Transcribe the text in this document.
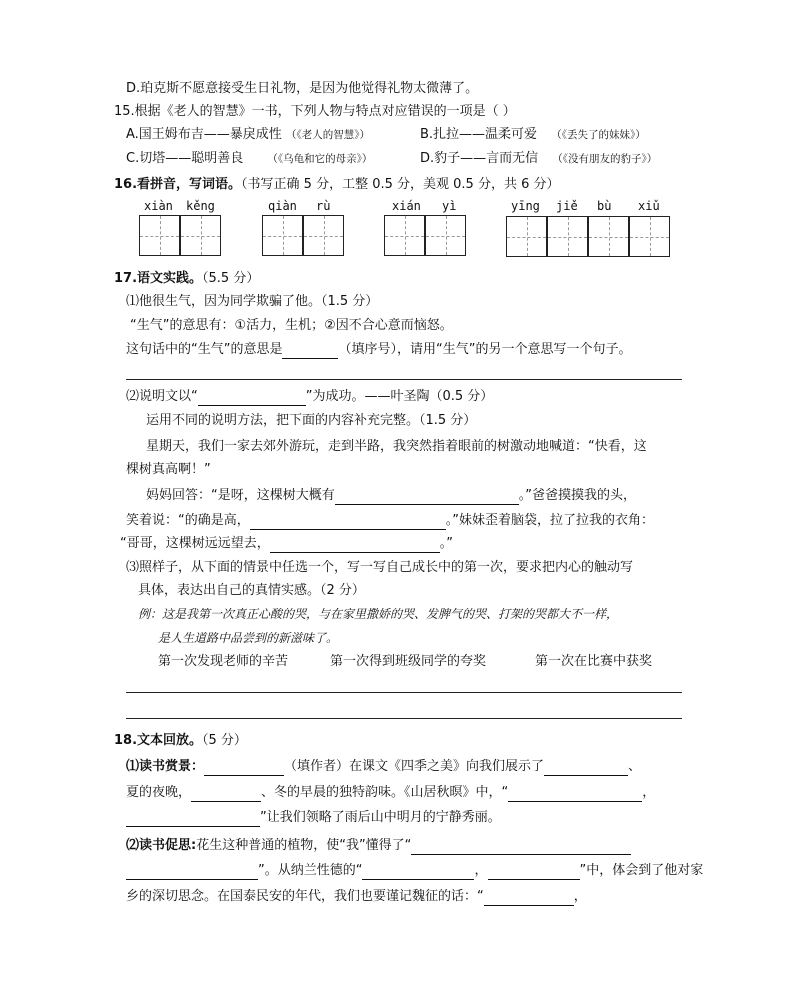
D.珀克斯不愿意接受生日礼物，是因为他觉得礼物太微薄了。
15.根据《老人的智慧》一书，下列人物与特点对应错误的一项是（ ）
A.国王姆布吉——暴戾成性 （《老人的智慧》）	B.扎拉——温柔可爱 （《丢失了的妹妹》）
C.切塔——聪明善良 （《乌龟和它的母亲》）	D.豹子——言而无信 （《没有朋友的豹子》）
16.看拼音，写词语。（书写正确 5 分，工整 0.5 分，美观 0.5 分，共 6 分）
xiàn kěng	qiàn rù	xián yì	yīng jiě bù xiǔ
17.语文实践。（5.5 分）
⑴他很生气，因为同学欺骗了他。（1.5 分）
“生气”的意思有：①活力，生机；②因不合心意而恼怒。
这句话中的“生气”的意思是	（填序号），请用“生气”的另一个意思写一个句子。
⑵说明文以“	”为成功。——叶圣陶（0.5 分）
运用不同的说明方法，把下面的内容补充完整。（1.5 分）
星期天，我们一家去郊外游玩，走到半路，我突然指着眼前的树激动地喊道：“快看，这
棵树真高啊！”
妈妈回答：“是呀，这棵树大概有	。”爸爸摸摸我的头，
笑着说：“的确是高，	。”妹妹歪着脑袋，拉了拉我的衣角：
“哥哥，这棵树远远望去，	。”
⑶照样子，从下面的情景中任选一个，写一写自己成长中的第一次，要求把内心的触动写
具体，表达出自己的真情实感。（2 分）
例：这是我第一次真正心酸的哭，与在家里撒娇的哭、发脾气的哭、打架的哭都大不一样，
是人生道路中品尝到的新滋味了。
第一次发现老师的辛苦	第一次得到班级同学的夸奖	第一次在比赛中获奖
18.文本回放。（5 分）
⑴读书赏景：	（填作者）在课文《四季之美》向我们展示了	、
夏的夜晚，	、冬的早晨的独特韵味。《山居秋暝》中，“	，
”让我们领略了雨后山中明月的宁静秀丽。
⑵读书促思:花生这种普通的植物，使“我”懂得了“
”。从纳兰性德的“	，	”中，体会到了他对家
乡的深切思念。在国泰民安的年代，我们也要谨记魏征的话：“	，
